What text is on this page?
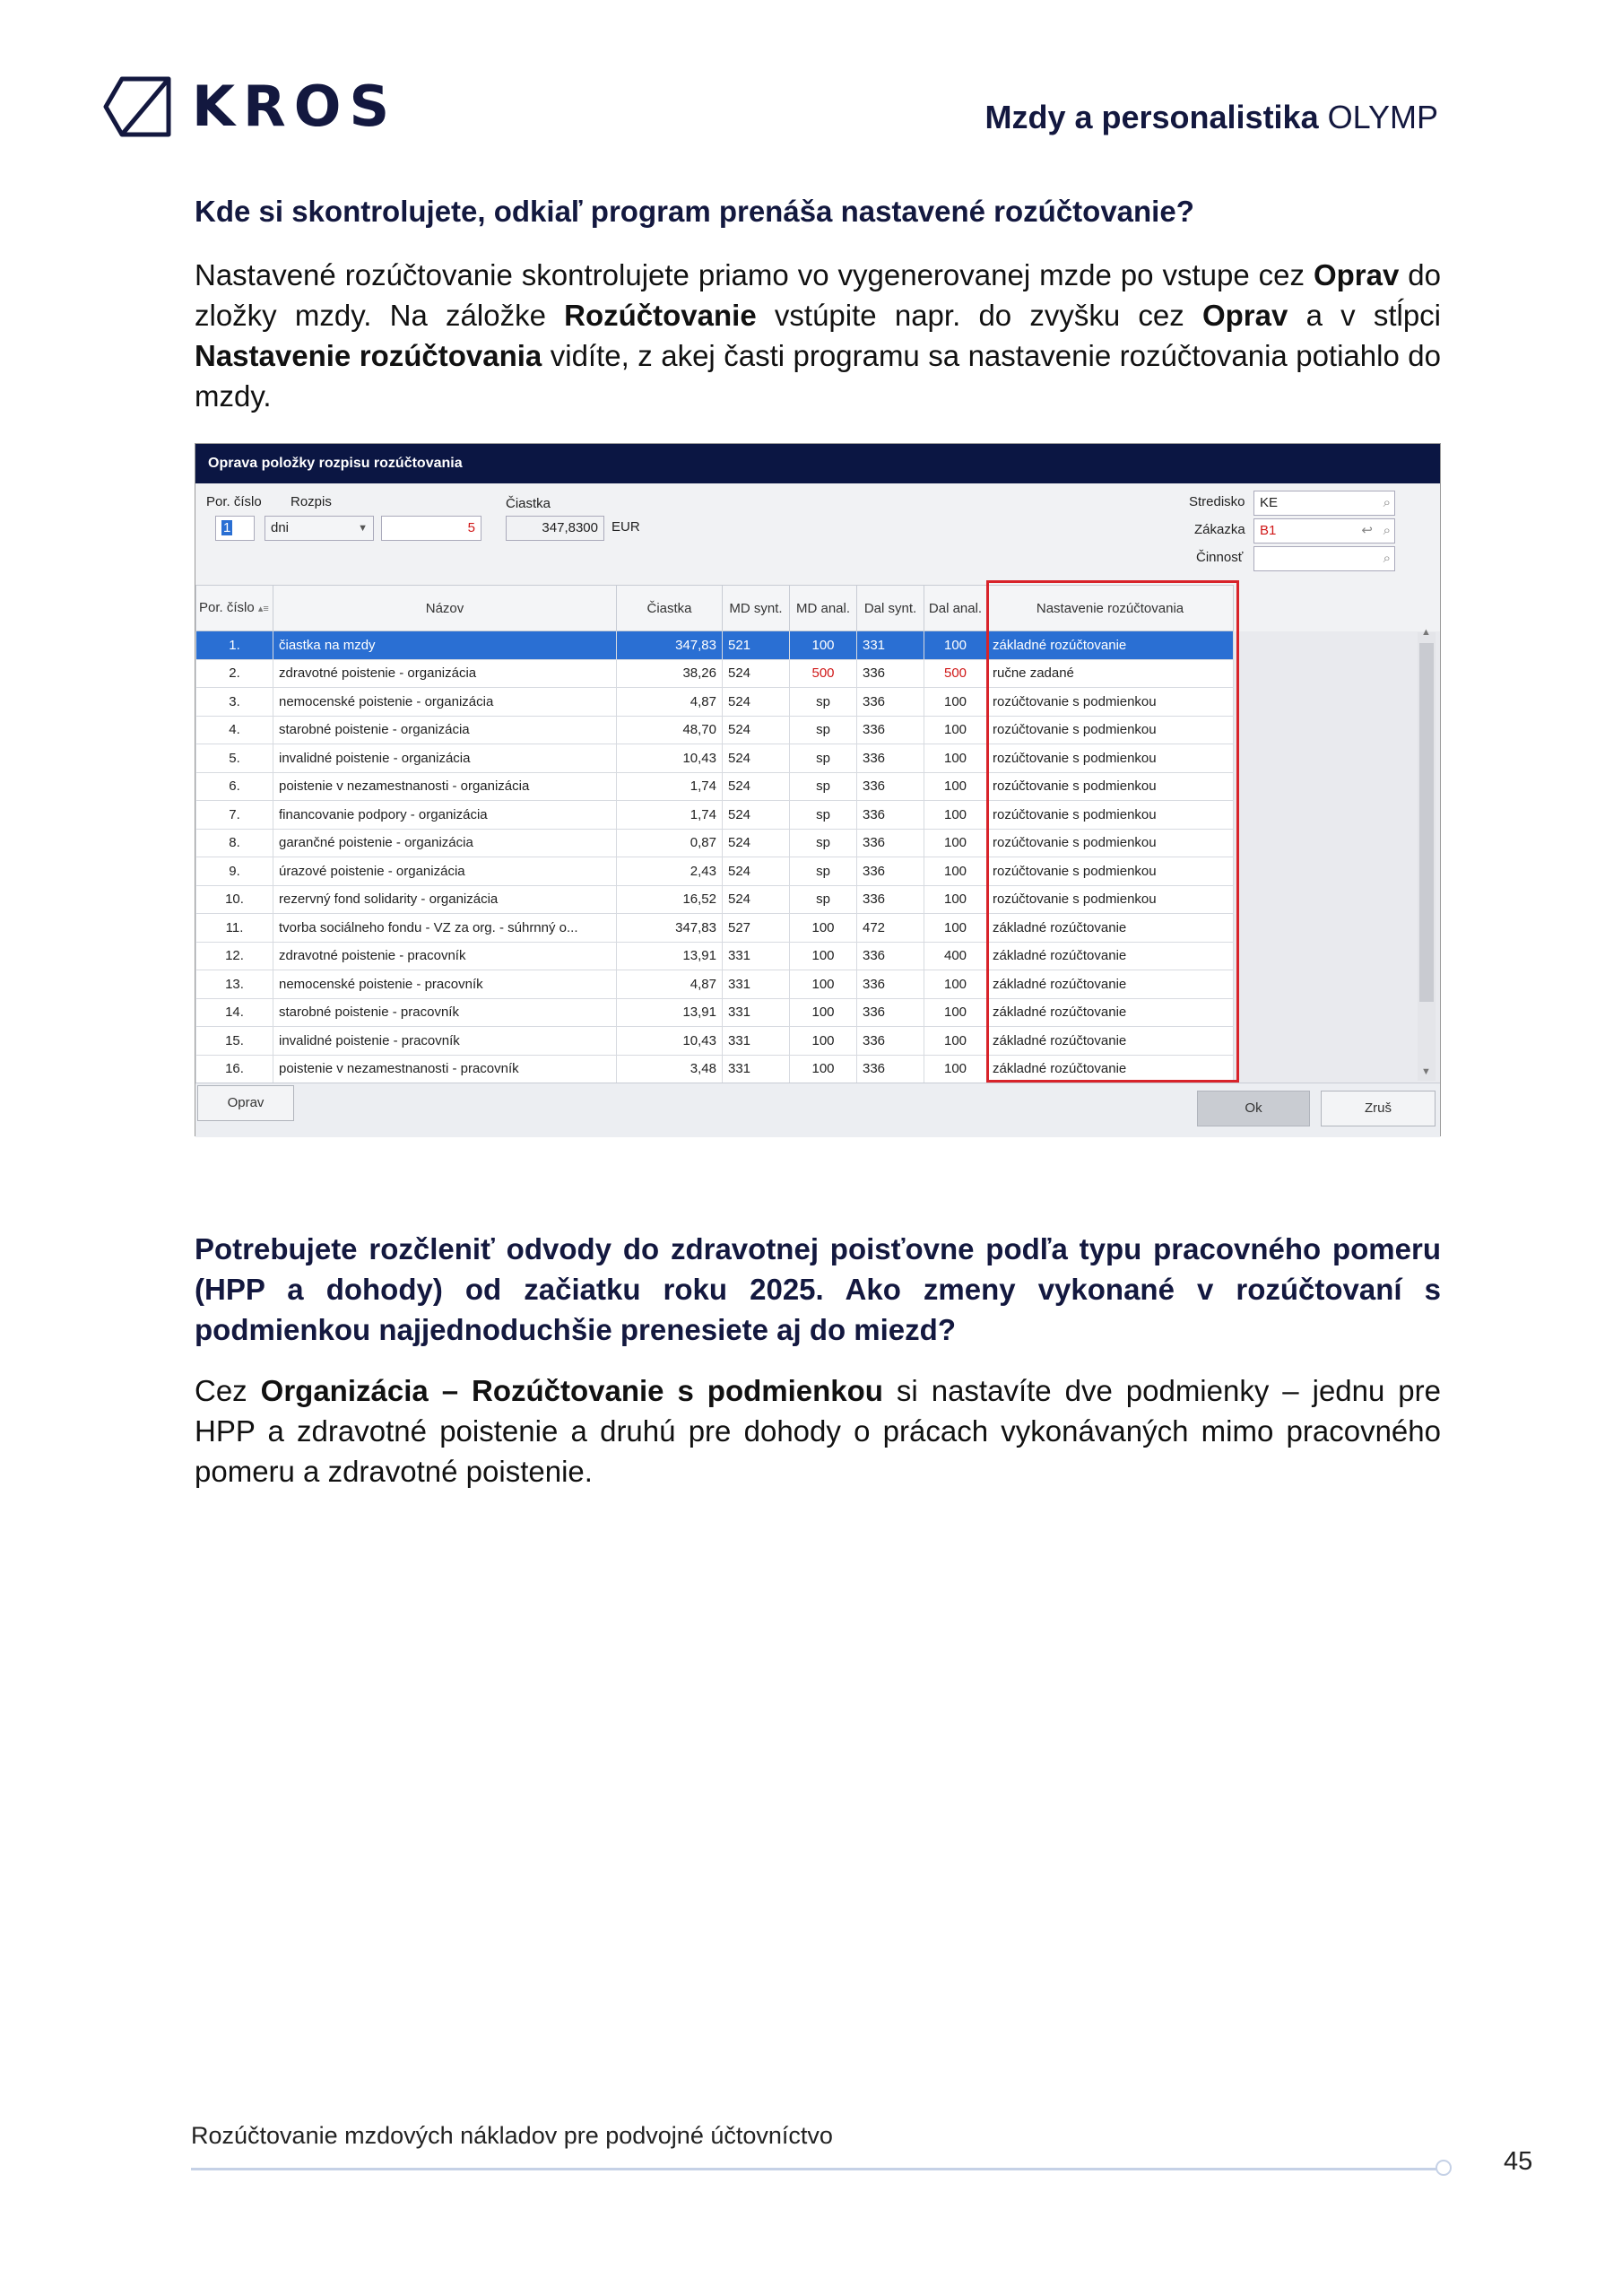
KROS	Mzdy a personalistika OLYMP
Kde si skontrolujete, odkiaľ program prenáša nastavené rozúčtovanie?
Nastavené rozúčtovanie skontrolujete priamo vo vygenerovanej mzde po vstupe cez Oprav do zložky mzdy. Na záložke Rozúčtovanie vstúpite napr. do zvyšku cez Oprav a v stĺpci Nastavenie rozúčtovania vidíte, z akej časti programu sa nastavenie rozúčtovania potiahlo do mzdy.
Oprava položky rozpisu rozúčtovania
Por. číslo
1
Rozpis
dni	▼	5
Čiastka
347,8300	EUR
Stredisko	KE	⌕
Zákazka	B1	↩ ⌕
Činnosť	⌕
Por. číslo ▴≡	Názov	Čiastka	MD synt.	MD anal.	Dal synt.	Dal anal.	Nastavenie rozúčtovania	
1.	čiastka na mzdy	347,83	521	100	331	100	základné rozúčtovanie	
2.	zdravotné poistenie - organizácia	38,26	524	500	336	500	ručne zadané	
3.	nemocenské poistenie - organizácia	4,87	524	sp	336	100	rozúčtovanie s podmienkou	
4.	starobné poistenie - organizácia	48,70	524	sp	336	100	rozúčtovanie s podmienkou	
5.	invalidné poistenie - organizácia	10,43	524	sp	336	100	rozúčtovanie s podmienkou	
6.	poistenie v nezamestnanosti - organizácia	1,74	524	sp	336	100	rozúčtovanie s podmienkou	
7.	financovanie podpory - organizácia	1,74	524	sp	336	100	rozúčtovanie s podmienkou	
8.	garančné poistenie - organizácia	0,87	524	sp	336	100	rozúčtovanie s podmienkou	
9.	úrazové poistenie - organizácia	2,43	524	sp	336	100	rozúčtovanie s podmienkou	
10.	rezervný fond solidarity - organizácia	16,52	524	sp	336	100	rozúčtovanie s podmienkou	
11.	tvorba sociálneho fondu - VZ za org. - súhrnný o...	347,83	527	100	472	100	základné rozúčtovanie	
12.	zdravotné poistenie - pracovník	13,91	331	100	336	400	základné rozúčtovanie	
13.	nemocenské poistenie - pracovník	4,87	331	100	336	100	základné rozúčtovanie	
14.	starobné poistenie - pracovník	13,91	331	100	336	100	základné rozúčtovanie	
15.	invalidné poistenie - pracovník	10,43	331	100	336	100	základné rozúčtovanie	
16.	poistenie v nezamestnanosti - pracovník	3,48	331	100	336	100	základné rozúčtovanie	
▲
▼
Oprav	Ok	Zruš
Potrebujete rozčleniť odvody do zdravotnej poisťovne podľa typu pracovného pomeru (HPP a dohody) od začiatku roku 2025. Ako zmeny vykonané v rozúčtovaní s podmienkou najjednoduchšie prenesiete aj do miezd?
Cez Organizácia – Rozúčtovanie s podmienkou si nastavíte dve podmienky – jednu pre HPP a zdravotné poistenie a druhú pre dohody o prácach vykonávaných mimo pracovného pomeru a zdravotné poistenie.
Rozúčtovanie mzdových nákladov pre podvojné účtovníctvo
45
